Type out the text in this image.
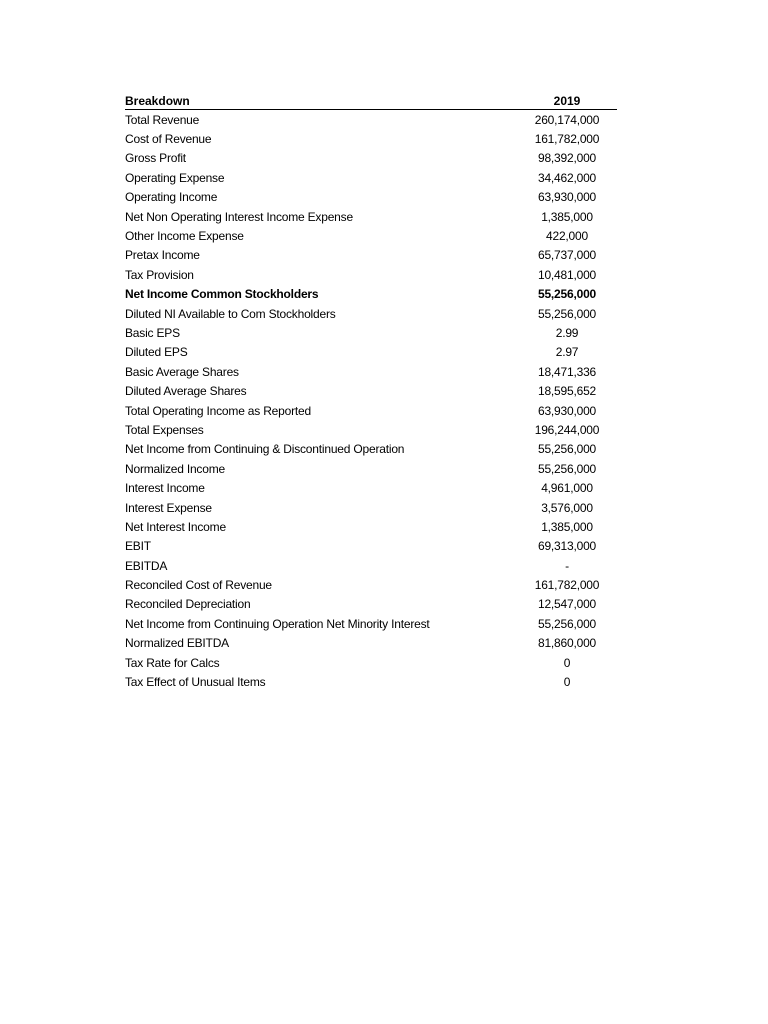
Breakdown	2019
Total Revenue	260,174,000
Cost of Revenue	161,782,000
Gross Profit	98,392,000
Operating Expense	34,462,000
Operating Income	63,930,000
Net Non Operating Interest Income Expense	1,385,000
Other Income Expense	422,000
Pretax Income	65,737,000
Tax Provision	10,481,000
Net Income Common Stockholders	55,256,000
Diluted NI Available to Com Stockholders	55,256,000
Basic EPS	2.99
Diluted EPS	2.97
Basic Average Shares	18,471,336
Diluted Average Shares	18,595,652
Total Operating Income as Reported	63,930,000
Total Expenses	196,244,000
Net Income from Continuing & Discontinued Operation	55,256,000
Normalized Income	55,256,000
Interest Income	4,961,000
Interest Expense	3,576,000
Net Interest Income	1,385,000
EBIT	69,313,000
EBITDA	-
Reconciled Cost of Revenue	161,782,000
Reconciled Depreciation	12,547,000
Net Income from Continuing Operation Net Minority Interest	55,256,000
Normalized EBITDA	81,860,000
Tax Rate for Calcs	0
Tax Effect of Unusual Items	0
